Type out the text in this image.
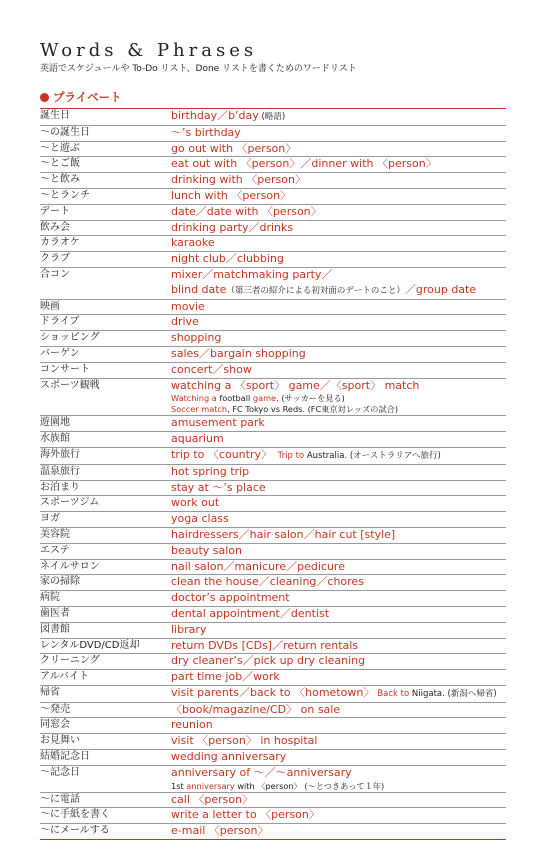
Words & Phrases
英語でスケジュールや To-Do リスト、Done リストを書くためのワードリスト
プライベート
誕生日	birthday／b’day (略語)
〜の誕生日	〜’s birthday
〜と遊ぶ	go out with 〈person〉
〜とご飯	eat out with 〈person〉／dinner with 〈person〉
〜と飲み	drinking with 〈person〉
〜とランチ	lunch with 〈person〉
デート	date／date with 〈person〉
飲み会	drinking party／drinks
カラオケ	karaoke
クラブ	night club／clubbing
合コン	mixer／matchmaking party／
blind date（第三者の紹介による初対面のデートのこと）／group date
映画	movie
ドライブ	drive
ショッピング	shopping
バーゲン	sales／bargain shopping
コンサート	concert／show
スポーツ観戦	watching a 〈sport〉 game／〈sport〉 match
Watching a football game. (サッカーを見る)
Soccer match, FC Tokyo vs Reds. (FC東京対レッズの試合)
遊園地	amusement park
水族館	aquarium
海外旅行	trip to 〈country〉　 Trip to Australia. (オーストラリアへ旅行)
温泉旅行	hot spring trip
お泊まり	stay at 〜’s place
スポーツジム	work out
ヨガ	yoga class
美容院	hairdressers／hair salon／hair cut [style]
エステ	beauty salon
ネイルサロン	nail salon／manicure／pedicure
家の掃除	clean the house／cleaning／chores
病院	doctor’s appointment
歯医者	dental appointment／dentist
図書館	library
レンタルDVD/CD返却	return DVDs [CDs]／return rentals
クリーニング	dry cleaner’s／pick up dry cleaning
アルバイト	part time job／work
帰省	visit parents／back to 〈hometown〉　Back to Niigata. (新潟へ帰省)
〜発売	〈book/magazine/CD〉 on sale
同窓会	reunion
お見舞い	visit 〈person〉 in hospital
結婚記念日	wedding anniversary
〜記念日	anniversary of 〜／〜anniversary
1st anniversary with 〈person〉 (〜とつきあって１年)
〜に電話	call 〈person〉
〜に手紙を書く	write a letter to 〈person〉
〜にメールする	e-mail 〈person〉
